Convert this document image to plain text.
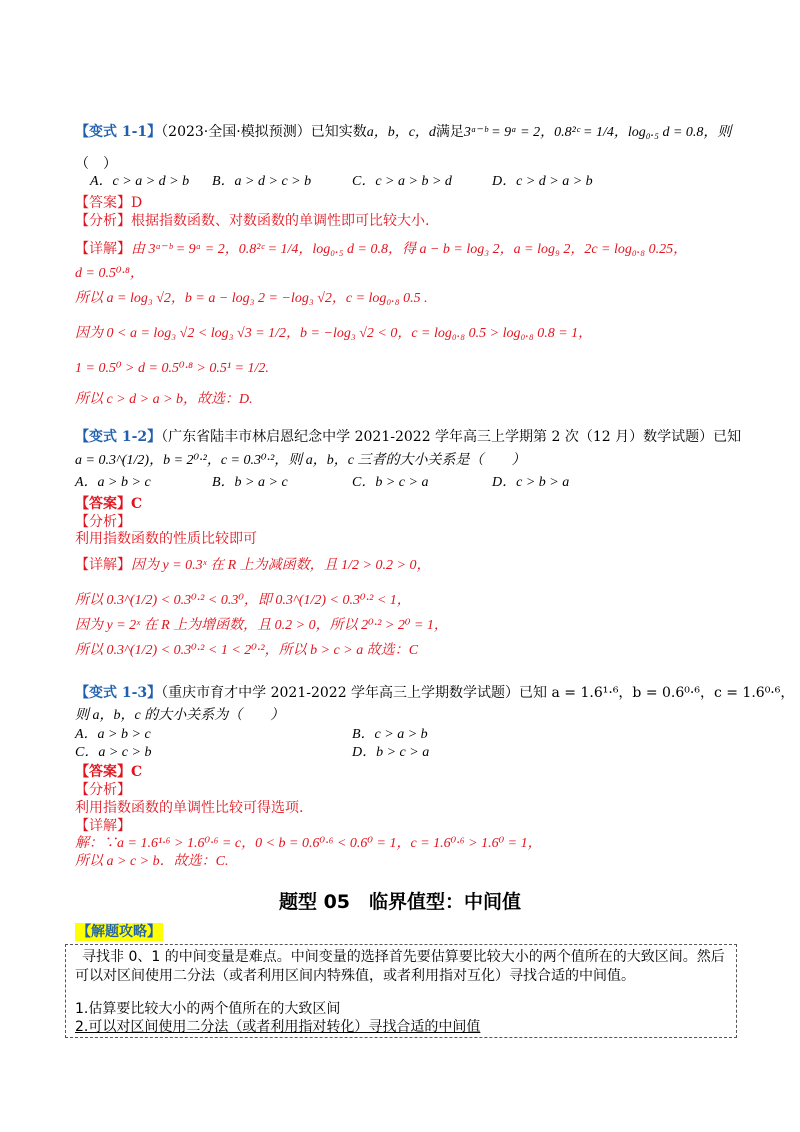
【变式 1-1】（2023·全国·模拟预测）已知实数a，b，c，d满足3ᵃ⁻ᵇ = 9ᵃ = 2，0.8²ᶜ = 1/4，log₀.₅ d = 0.8，则
（　）
A．c > a > d > b B．a > d > c > b	C．c > a > b > d	D．c > d > a > b
【答案】D
【分析】根据指数函数、对数函数的单调性即可比较大小.
【详解】由 3ᵃ⁻ᵇ = 9ᵃ = 2，0.8²ᶜ = 1/4，log₀.₅ d = 0.8，得 a − b = log₃ 2，a = log₉ 2，2c = log₀.₈ 0.25，
d = 0.5⁰·⁸，
所以 a = log₃ √2，b = a − log₃ 2 = −log₃ √2，c = log₀.₈ 0.5 .
因为 0 < a = log₃ √2 < log₃ √3 = 1/2，b = −log₃ √2 < 0，c = log₀.₈ 0.5 > log₀.₈ 0.8 = 1，
1 = 0.5⁰ > d = 0.5⁰·⁸ > 0.5¹ = 1/2.
所以 c > d > a > b，故选：D.
【变式 1-2】（广东省陆丰市林启恩纪念中学 2021-2022 学年高三上学期第 2 次（12 月）数学试题）已知
a = 0.3^(1/2)，b = 2⁰·²，c = 0.3⁰·²，则 a，b，c 三者的大小关系是（　　）
A．a > b > c	B．b > a > c	C．b > c > a	D．c > b > a
【答案】C
【分析】
利用指数函数的性质比较即可
【详解】因为 y = 0.3ˣ 在 R 上为减函数，且 1/2 > 0.2 > 0，
所以 0.3^(1/2) < 0.3⁰·² < 0.3⁰，即 0.3^(1/2) < 0.3⁰·² < 1，
因为 y = 2ˣ 在 R 上为增函数，且 0.2 > 0，所以 2⁰·² > 2⁰ = 1，
所以 0.3^(1/2) < 0.3⁰·² < 1 < 2⁰·²，所以 b > c > a 故选：C
【变式 1-3】（重庆市育才中学 2021-2022 学年高三上学期数学试题）已知 a = 1.6¹·⁶，b = 0.6⁰·⁶，c = 1.6⁰·⁶，
则 a，b，c 的大小关系为（　　）
A．a > b > c	B．c > a > b
C．a > c > b	D．b > c > a
【答案】C
【分析】
利用指数函数的单调性比较可得选项.
【详解】
解：∵a = 1.6¹·⁶ > 1.6⁰·⁶ = c，0 < b = 0.6⁰·⁶ < 0.6⁰ = 1，c = 1.6⁰·⁶ > 1.6⁰ = 1，
所以 a > c > b．故选：C.
题型 05　临界值型：中间值
【解题攻略】
寻找非 0、1 的中间变量是难点。中间变量的选择首先要估算要比较大小的两个值所在的大致区间。然后
可以对区间使用二分法（或者利用区间内特殊值，或者利用指对互化）寻找合适的中间值。
1.估算要比较大小的两个值所在的大致区间
2.可以对区间使用二分法（或者利用指对转化）寻找合适的中间值
